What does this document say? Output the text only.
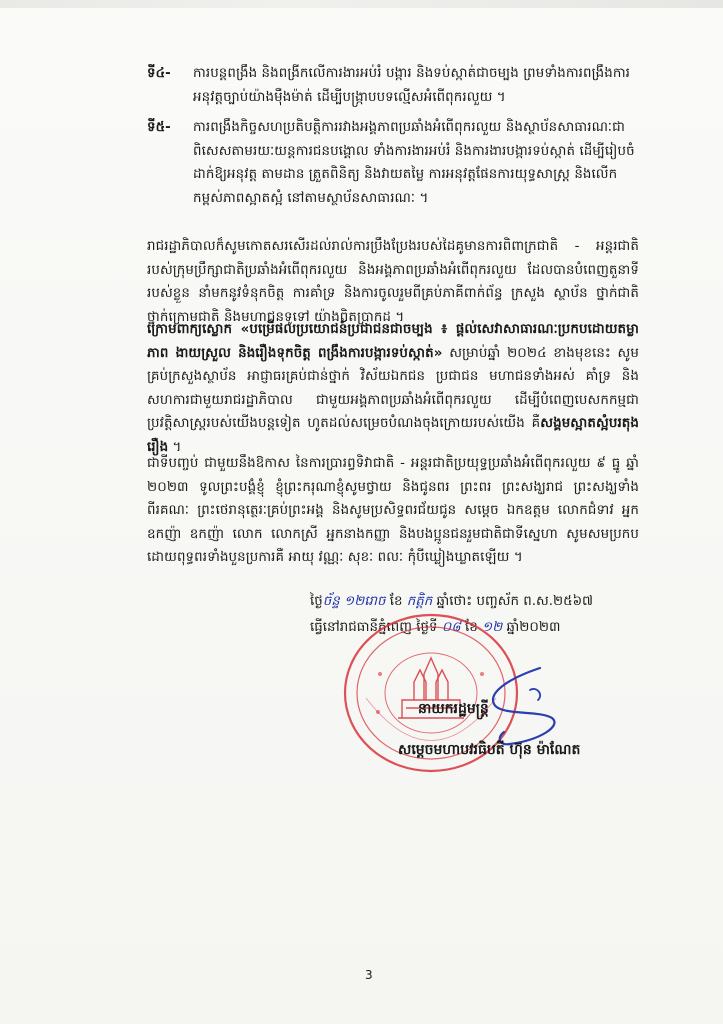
ទី៤- ការបន្តពង្រឹង និងពង្រីកលើការងារអប់រំ បង្ការ និងទប់ស្កាត់ជាចម្បង ព្រមទាំងការពង្រឹងការអនុវត្តច្បាប់យ៉ាងម៉ឺងម៉ាត់ ដើម្បីបង្ក្រាបបទល្មើសអំពើពុករលួយ ។
ទី៥- ការពង្រឹងកិច្ចសហប្រតិបត្តិការរវាងអង្គភាពប្រឆាំងអំពើពុករលួយ និងស្ថាប័នសាធារណៈជាពិសេសតាមរយៈយន្តការជនបង្គោល ទាំងការងារអប់រំ និងការងារបង្ការទប់ស្កាត់ ដើម្បីរៀបចំដាក់ឱ្យអនុវត្ត តាមដាន ត្រួតពិនិត្យ និងវាយតម្លៃ ការអនុវត្តផែនការយុទ្ធសាស្ត្រ និងលើកកម្ពស់ភាពស្អាតស្អំ នៅតាមស្ថាប័នសាធារណៈ ។
រាជរដ្ឋាភិបាលក៏សូមកោតសរសើរដល់រាល់ការប្រឹងប្រែងរបស់ដៃគូមានការពិពាក្រជាតិ - អន្តរជាតិ របស់ក្រុមប្រឹក្សាជាតិប្រឆាំងអំពើពុករលួយ និងអង្គភាពប្រឆាំងអំពើពុករលួយ ដែលបានបំពេញតួនាទីរបស់ខ្លួន នាំមកនូវទំនុកចិត្ត ការគាំទ្រ និងការចូលរួមពីគ្រប់ភាគីពាក់ព័ន្ធ ក្រសួង ស្ថាប័ន ថ្នាក់ជាតិ ថ្នាក់ក្រោមជាតិ និងមហាជនទូទៅ យ៉ាងពិតប្រាកដ ។
ក្រោមពាក្យស្លោក «បម្រើផលប្រយោជន៍ប្រជាជនជាចម្បង ៖ ផ្តល់សេវាសាធារណៈប្រកបដោយតម្លាភាព ងាយស្រួល និងរឿងទុកចិត្ត ពង្រឹងការបង្ការទប់ស្កាត់» សម្រាប់ឆ្នាំ ២០២៤ ខាងមុខនេះ សូម គ្រប់ក្រសួងស្ថាប័ន អាជ្ញាធរគ្រប់ជាន់ថ្នាក់ វិស័យឯកជន ប្រជាជន មហាជនទាំងអស់ គាំទ្រ និងសហការជាមួយរាជរដ្ឋាភិបាល ជាមួយអង្គភាពប្រឆាំងអំពើពុករលួយ ដើម្បីបំពេញបេសកកម្មជាប្រវត្តិសាស្ត្ររបស់យើងបន្តទៀត ហូតដល់សម្រេចបំណងចុងក្រោយរបស់យើង គឺសង្គមស្អាតស្អំបរតុងរឿង ។
ជាទីបញ្ចប់ ជាមួយនឹងឱកាស នៃការប្រារព្ធទិវាជាតិ - អន្តរជាតិប្រយុទ្ធប្រឆាំងអំពើពុករលួយ ៩ ធ្នូ ឆ្នាំ ២០២៣ ទូលព្រះបង្គំខ្ញុំ ខ្ញុំព្រះករុណាខ្ញុំសូមថ្វាយ និងជូនពរ ព្រះពរ ព្រះសង្ឃរាជ ព្រះសង្ឃទាំងពីរគណៈ ព្រះថេរានុត្ថេរៈគ្រប់ព្រះអង្គ និងសូមប្រសិទ្ធពរជ័យជូន សម្ដេច ឯកឧត្ដម លោកជំទាវ អ្នកឧកញ៉ា ឧកញ៉ា លោក លោកស្រី អ្នកនាងកញ្ញា និងបងប្អូនជនរួមជាតិជាទីស្នេហា សូមសមប្រកបដោយពុទ្ធពរទាំងបួនប្រការគឺ អាយុ វណ្ណៈ សុខៈ ពលៈ កុំបីឃ្លៀងឃ្លាតឡើយ ។
ថ្ងៃច័ន្ទ ១២រោច ខែ កត្តិក ឆ្នាំថោះ បញ្ចស័ក ព.ស.២៥៦៧
ធ្វើនៅរាជធានីភ្នំពេញ ថ្ងៃទី ០៨ ខែ ១២ ឆ្នាំ២០២៣
នាយករដ្ឋមន្ត្រី
សម្តេចមហាបវរធិបតី ហ៊ុន ម៉ាណែត
3
